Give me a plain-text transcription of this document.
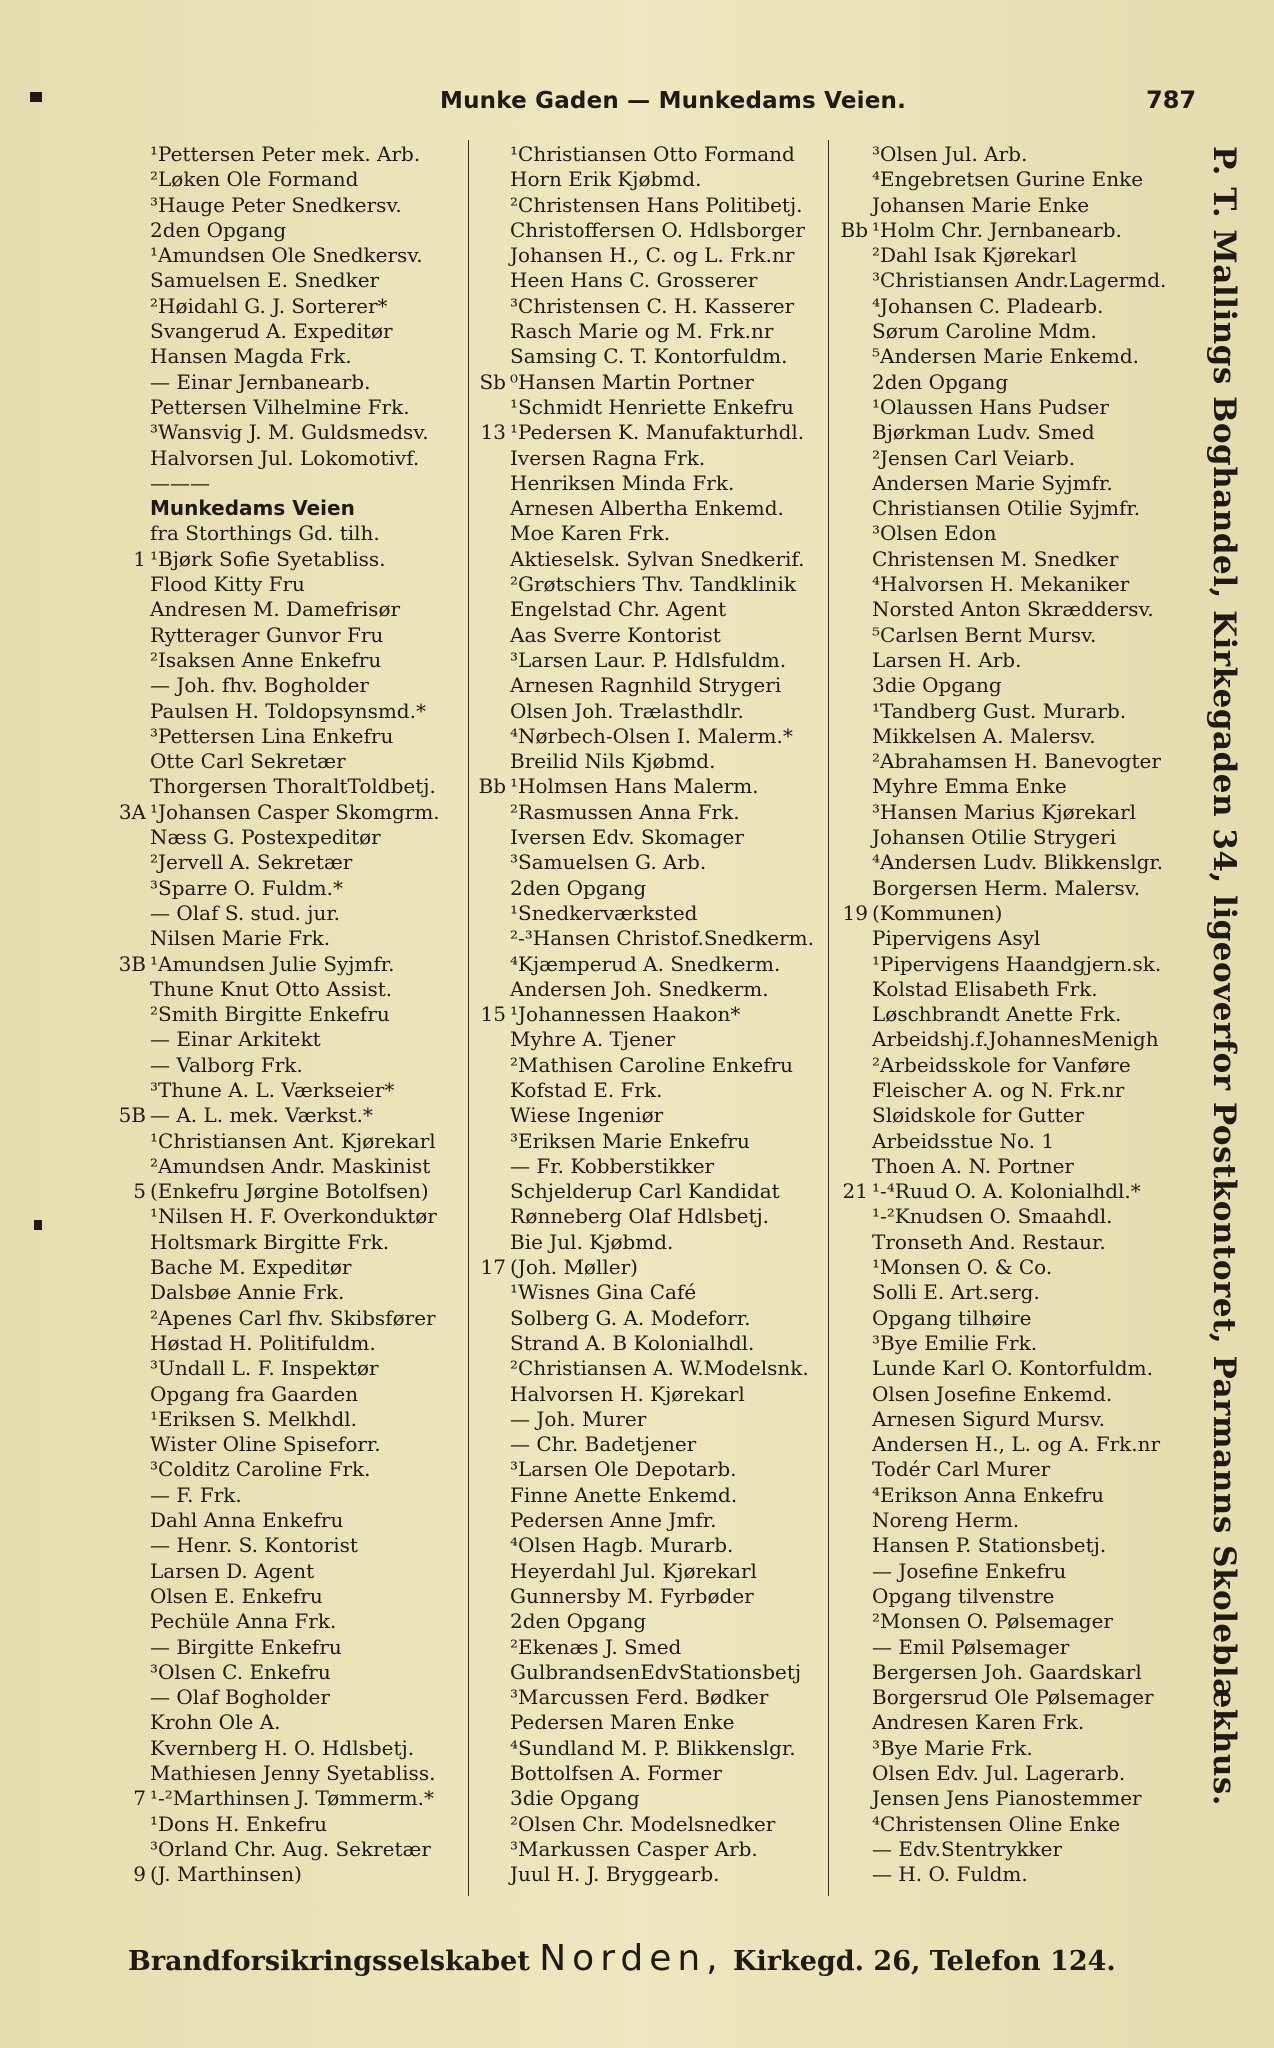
Munke Gaden — Munkedams Veien.	787
¹Pettersen Peter mek. Arb.
²Løken Ole Formand
³Hauge Peter Snedkersv.
2den Opgang
¹Amundsen Ole Snedkersv.
Samuelsen E. Snedker
²Høidahl G. J. Sorterer*
Svangerud A. Expeditør
Hansen Magda Frk.
— Einar Jernbanearb.
Pettersen Vilhelmine Frk.
³Wansvig J. M. Guldsmedsv.
Halvorsen Jul. Lokomotivf.
———
Munkedams Veien
fra Storthings Gd. tilh.
1 ¹Bjørk Sofie Syetabliss.
Flood Kitty Fru
Andresen M. Damefrisør
Rytterager Gunvor Fru
²Isaksen Anne Enkefru
— Joh. fhv. Bogholder
Paulsen H. Toldopsynsmd.*
³Pettersen Lina Enkefru
Otte Carl Sekretær
Thorgersen ThoraltToldbetj.
3A ¹Johansen Casper Skomgrm.
Næss G. Postexpeditør
²Jervell A. Sekretær
³Sparre O. Fuldm.*
— Olaf S. stud. jur.
Nilsen Marie Frk.
3B ¹Amundsen Julie Syjmfr.
Thune Knut Otto Assist.
²Smith Birgitte Enkefru
— Einar Arkitekt
— Valborg Frk.
³Thune A. L. Værkseier*
5B — A. L. mek. Værkst.*
¹Christiansen Ant. Kjørekarl
²Amundsen Andr. Maskinist
5 (Enkefru Jørgine Botolfsen)
¹Nilsen H. F. Overkonduktør
Holtsmark Birgitte Frk.
Bache M. Expeditør
Dalsbøe Annie Frk.
²Apenes Carl fhv. Skibsfører
Høstad H. Politifuldm.
³Undall L. F. Inspektør
Opgang fra Gaarden
¹Eriksen S. Melkhdl.
Wister Oline Spiseforr.
³Colditz Caroline Frk.
— F. Frk.
Dahl Anna Enkefru
— Henr. S. Kontorist
Larsen D. Agent
Olsen E. Enkefru
Pechüle Anna Frk.
— Birgitte Enkefru
³Olsen C. Enkefru
— Olaf Bogholder
Krohn Ole A.
Kvernberg H. O. Hdlsbetj.
Mathiesen Jenny Syetabliss.
7 ¹-²Marthinsen J. Tømmerm.*
¹Dons H. Enkefru
³Orland Chr. Aug. Sekretær
9 (J. Marthinsen)
¹Christiansen Otto Formand
Horn Erik Kjøbmd.
²Christensen Hans Politibetj.
Christoffersen O. Hdlsborger
Johansen H., C. og L. Frk.nr
Heen Hans C. Grosserer
³Christensen C. H. Kasserer
Rasch Marie og M. Frk.nr
Samsing C. T. Kontorfuldm.
Sb ⁰Hansen Martin Portner
¹Schmidt Henriette Enkefru
13 ¹Pedersen K. Manufakturhdl.
Iversen Ragna Frk.
Henriksen Minda Frk.
Arnesen Albertha Enkemd.
Moe Karen Frk.
Aktieselsk. Sylvan Snedkerif.
²Grøtschiers Thv. Tandklinik
Engelstad Chr. Agent
Aas Sverre Kontorist
³Larsen Laur. P. Hdlsfuldm.
Arnesen Ragnhild Strygeri
Olsen Joh. Trælasthdlr.
⁴Nørbech-Olsen I. Malerm.*
Breilid Nils Kjøbmd.
Bb ¹Holmsen Hans Malerm.
²Rasmussen Anna Frk.
Iversen Edv. Skomager
³Samuelsen G. Arb.
2den Opgang
¹Snedkerværksted
²-³Hansen Christof.Snedkerm.
⁴Kjæmperud A. Snedkerm.
Andersen Joh. Snedkerm.
15 ¹Johannessen Haakon*
Myhre A. Tjener
²Mathisen Caroline Enkefru
Kofstad E. Frk.
Wiese Ingeniør
³Eriksen Marie Enkefru
— Fr. Kobberstikker
Schjelderup Carl Kandidat
Rønneberg Olaf Hdlsbetj.
Bie Jul. Kjøbmd.
17 (Joh. Møller)
¹Wisnes Gina Café
Solberg G. A. Modeforr.
Strand A. B Kolonialhdl.
²Christiansen A. W.Modelsnk.
Halvorsen H. Kjørekarl
— Joh. Murer
— Chr. Badetjener
³Larsen Ole Depotarb.
Finne Anette Enkemd.
Pedersen Anne Jmfr.
⁴Olsen Hagb. Murarb.
Heyerdahl Jul. Kjørekarl
Gunnersby M. Fyrbøder
2den Opgang
²Ekenæs J. Smed
GulbrandsenEdvStationsbetj
³Marcussen Ferd. Bødker
Pedersen Maren Enke
⁴Sundland M. P. Blikkenslgr.
Bottolfsen A. Former
3die Opgang
²Olsen Chr. Modelsnedker
³Markussen Casper Arb.
Juul H. J. Bryggearb.
³Olsen Jul. Arb.
⁴Engebretsen Gurine Enke
Johansen Marie Enke
Bb ¹Holm Chr. Jernbanearb.
²Dahl Isak Kjørekarl
³Christiansen Andr.Lagermd.
⁴Johansen C. Pladearb.
Sørum Caroline Mdm.
⁵Andersen Marie Enkemd.
2den Opgang
¹Olaussen Hans Pudser
Bjørkman Ludv. Smed
²Jensen Carl Veiarb.
Andersen Marie Syjmfr.
Christiansen Otilie Syjmfr.
³Olsen Edon
Christensen M. Snedker
⁴Halvorsen H. Mekaniker
Norsted Anton Skræddersv.
⁵Carlsen Bernt Mursv.
Larsen H. Arb.
3die Opgang
¹Tandberg Gust. Murarb.
Mikkelsen A. Malersv.
²Abrahamsen H. Banevogter
Myhre Emma Enke
³Hansen Marius Kjørekarl
Johansen Otilie Strygeri
⁴Andersen Ludv. Blikkenslgr.
Borgersen Herm. Malersv.
19 (Kommunen)
Pipervigens Asyl
¹Pipervigens Haandgjern.sk.
Kolstad Elisabeth Frk.
Løschbrandt Anette Frk.
Arbeidshj.f.JohannesMenigh
²Arbeidsskole for Vanføre
Fleischer A. og N. Frk.nr
Sløidskole for Gutter
Arbeidsstue No. 1
Thoen A. N. Portner
21 ¹-⁴Ruud O. A. Kolonialhdl.*
¹-²Knudsen O. Smaahdl.
Tronseth And. Restaur.
¹Monsen O. & Co.
Solli E. Art.serg.
Opgang tilhøire
³Bye Emilie Frk.
Lunde Karl O. Kontorfuldm.
Olsen Josefine Enkemd.
Arnesen Sigurd Mursv.
Andersen H., L. og A. Frk.nr
Todér Carl Murer
⁴Erikson Anna Enkefru
Noreng Herm.
Hansen P. Stationsbetj.
— Josefine Enkefru
Opgang tilvenstre
²Monsen O. Pølsemager
— Emil Pølsemager
Bergersen Joh. Gaardskarl
Borgersrud Ole Pølsemager
Andresen Karen Frk.
³Bye Marie Frk.
Olsen Edv. Jul. Lagerarb.
Jensen Jens Pianostemmer
⁴Christensen Oline Enke
— Edv.Stentrykker
— H. O. Fuldm.
P. T. Mallings Boghandel, Kirkegaden 34, ligeoverfor Postkontoret, Parmanns Skoleblækhus.
Brandforsikringsselskabet Norden, Kirkegd. 26, Telefon 124.
